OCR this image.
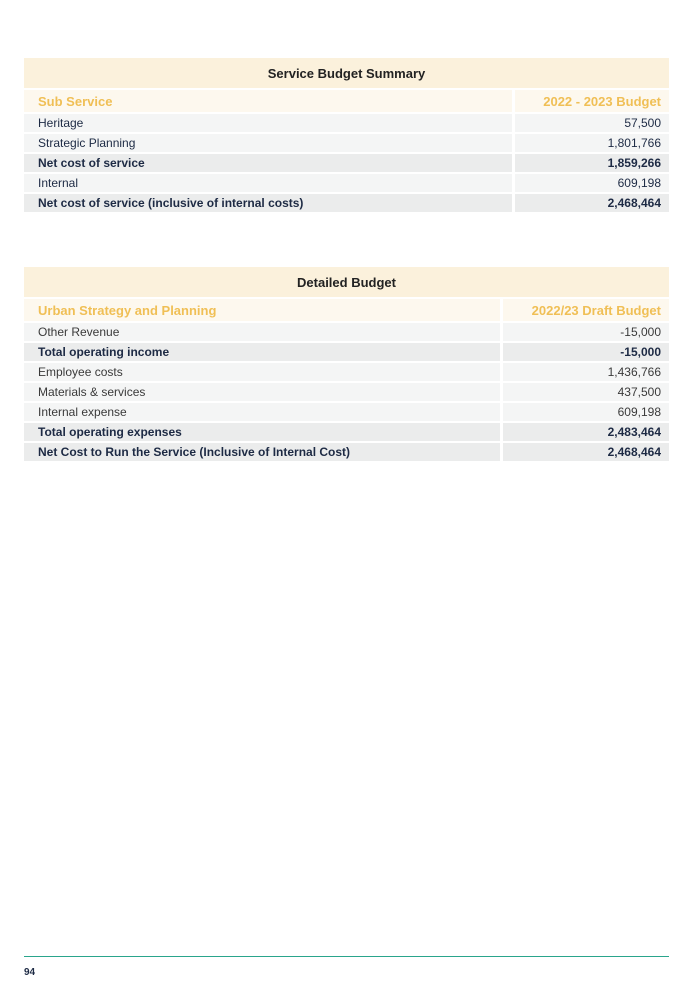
Service Budget Summary	
Sub Service	2022 - 2023 Budget
Heritage	57,500
Strategic Planning	1,801,766
Net cost of service	1,859,266
Internal	609,198
Net cost of service (inclusive of internal costs)	2,468,464
Detailed Budget	
Urban Strategy and Planning	2022/23 Draft Budget
Other Revenue	-15,000
Total operating income	-15,000
Employee costs	1,436,766
Materials & services	437,500
Internal expense	609,198
Total operating expenses	2,483,464
Net Cost to Run the Service (Inclusive of Internal Cost)	2,468,464
94
